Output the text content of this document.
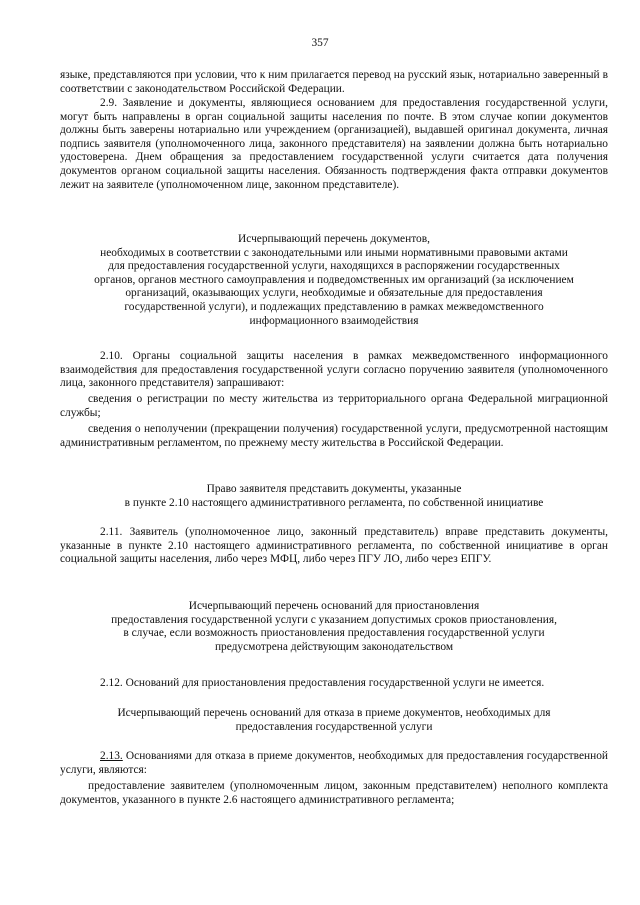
357

языке, представляются при условии, что к ним прилагается перевод на русский язык, нотариально заверенный в соответствии с законодательством Российской Федерации.

2.9. Заявление и документы, являющиеся основанием для предоставления государственной услуги, могут быть направлены в орган социальной защиты населения по почте. В этом случае копии документов должны быть заверены нотариально или учреждением (организацией), выдавшей оригинал документа, личная подпись заявителя (уполномоченного лица, законного представителя) на заявлении должна быть нотариально удостоверена. Днем обращения за предоставлением государственной услуги считается дата получения документов органом социальной защиты населения. Обязанность подтверждения факта отправки документов лежит на заявителе (уполномоченном лице, законном представителе).

Исчерпывающий перечень документов,
необходимых в соответствии с законодательными или иными нормативными правовыми актами
для предоставления государственной услуги, находящихся в распоряжении государственных
органов, органов местного самоуправления и подведомственных им организаций (за исключением
организаций, оказывающих услуги, необходимые и обязательные для предоставления
государственной услуги), и подлежащих представлению в рамках межведомственного
информационного взаимодействия

2.10. Органы социальной защиты населения в рамках межведомственного информационного взаимодействия для предоставления государственной услуги согласно поручению заявителя (уполномоченного лица, законного представителя) запрашивают:

сведения о регистрации по месту жительства из территориального органа Федеральной миграционной службы;

сведения о неполучении (прекращении получения) государственной услуги, предусмотренной настоящим административным регламентом, по прежнему месту жительства в Российской Федерации.

Право заявителя представить документы, указанные
в пункте 2.10 настоящего административного регламента, по собственной инициативе

2.11. Заявитель (уполномоченное лицо, законный представитель) вправе представить документы, указанные в пункте 2.10 настоящего административного регламента, по собственной инициативе в орган социальной защиты населения, либо через МФЦ, либо через ПГУ ЛО, либо через ЕПГУ.

Исчерпывающий перечень оснований для приостановления
предоставления государственной услуги с указанием допустимых сроков приостановления,
в случае, если возможность приостановления предоставления государственной услуги
предусмотрена действующим законодательством

2.12. Оснований для приостановления предоставления государственной услуги не имеется.

Исчерпывающий перечень оснований для отказа в приеме документов, необходимых для
предоставления государственной услуги

2.13. Основаниями для отказа в приеме документов, необходимых для предоставления государственной услуги, являются:

предоставление заявителем (уполномоченным лицом, законным представителем) неполного комплекта документов, указанного в пункте 2.6 настоящего административного регламента;
